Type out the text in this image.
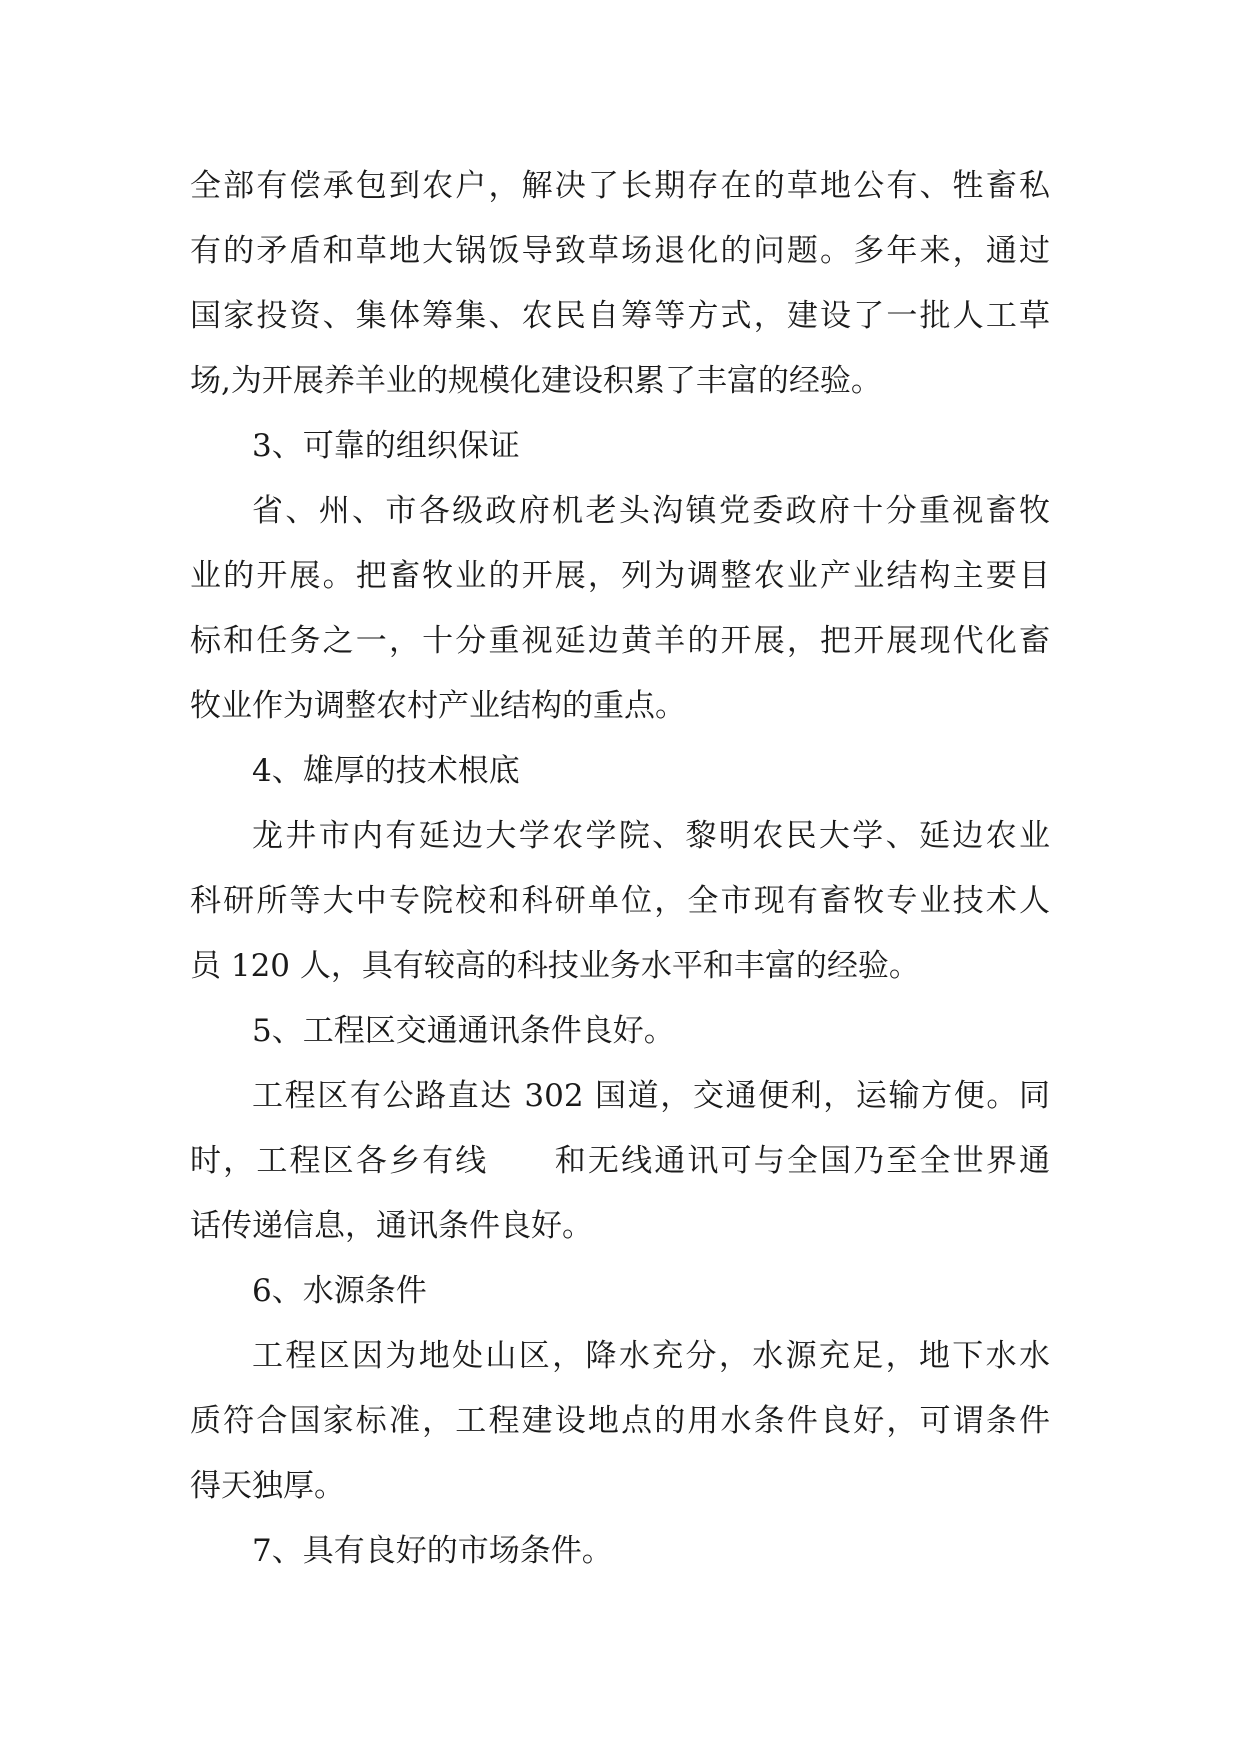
全部有偿承包到农户，解决了长期存在的草地公有、牲畜私
有的矛盾和草地大锅饭导致草场退化的问题。多年来，通过
国家投资、集体筹集、农民自筹等方式，建设了一批人工草
场,为开展养羊业的规模化建设积累了丰富的经验。
3、可靠的组织保证
省、州、市各级政府机老头沟镇党委政府十分重视畜牧
业的开展。把畜牧业的开展，列为调整农业产业结构主要目
标和任务之一，十分重视延边黄羊的开展，把开展现代化畜
牧业作为调整农村产业结构的重点。
4、雄厚的技术根底
龙井市内有延边大学农学院、黎明农民大学、延边农业
科研所等大中专院校和科研单位，全市现有畜牧专业技术人
员 120 人，具有较高的科技业务水平和丰富的经验。
5、工程区交通通讯条件良好。
工程区有公路直达 302 国道，交通便利，运输方便。同
时，工程区各乡有线　　和无线通讯可与全国乃至全世界通
话传递信息，通讯条件良好。
6、水源条件
工程区因为地处山区，降水充分，水源充足，地下水水
质符合国家标准，工程建设地点的用水条件良好，可谓条件
得天独厚。
7、具有良好的市场条件。
